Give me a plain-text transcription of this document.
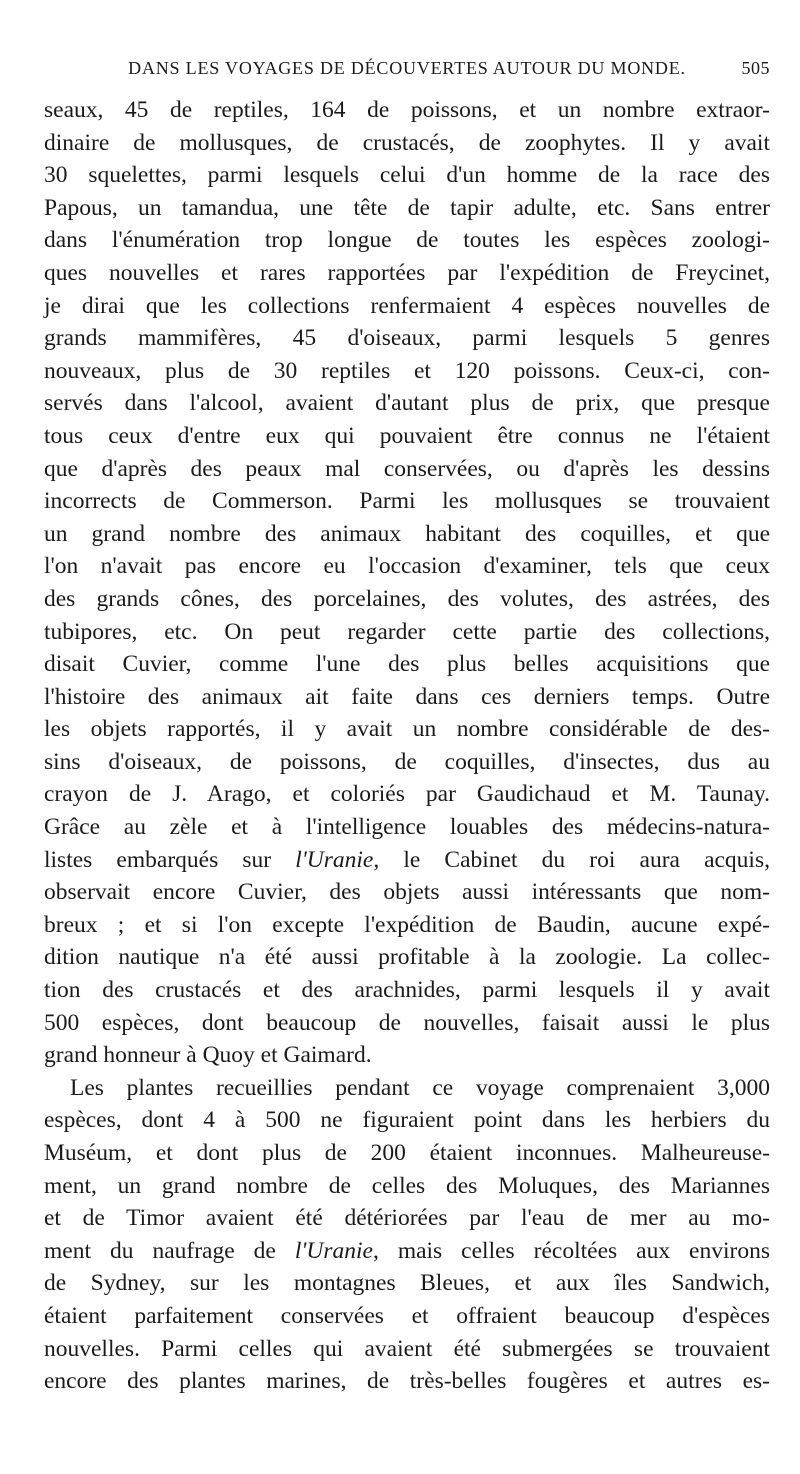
DANS LES VOYAGES DE DÉCOUVERTES AUTOUR DU MONDE.	505
seaux, 45 de reptiles, 164 de poissons, et un nombre extraor-
dinaire de mollusques, de crustacés, de zoophytes. Il y avait
30 squelettes, parmi lesquels celui d'un homme de la race des
Papous, un tamandua, une tête de tapir adulte, etc. Sans entrer
dans l'énumération trop longue de toutes les espèces zoologi-
ques nouvelles et rares rapportées par l'expédition de Freycinet,
je dirai que les collections renfermaient 4 espèces nouvelles de
grands mammifères, 45 d'oiseaux, parmi lesquels 5 genres
nouveaux, plus de 30 reptiles et 120 poissons. Ceux-ci, con-
servés dans l'alcool, avaient d'autant plus de prix, que presque
tous ceux d'entre eux qui pouvaient être connus ne l'étaient
que d'après des peaux mal conservées, ou d'après les dessins
incorrects de Commerson. Parmi les mollusques se trouvaient
un grand nombre des animaux habitant des coquilles, et que
l'on n'avait pas encore eu l'occasion d'examiner, tels que ceux
des grands cônes, des porcelaines, des volutes, des astrées, des
tubipores, etc. On peut regarder cette partie des collections,
disait Cuvier, comme l'une des plus belles acquisitions que
l'histoire des animaux ait faite dans ces derniers temps. Outre
les objets rapportés, il y avait un nombre considérable de des-
sins d'oiseaux, de poissons, de coquilles, d'insectes, dus au
crayon de J. Arago, et coloriés par Gaudichaud et M. Taunay.
Grâce au zèle et à l'intelligence louables des médecins-natura-
listes embarqués sur l'Uranie, le Cabinet du roi aura acquis,
observait encore Cuvier, des objets aussi intéressants que nom-
breux ; et si l'on excepte l'expédition de Baudin, aucune expé-
dition nautique n'a été aussi profitable à la zoologie. La collec-
tion des crustacés et des arachnides, parmi lesquels il y avait
500 espèces, dont beaucoup de nouvelles, faisait aussi le plus
grand honneur à Quoy et Gaimard.
Les plantes recueillies pendant ce voyage comprenaient 3,000
espèces, dont 4 à 500 ne figuraient point dans les herbiers du
Muséum, et dont plus de 200 étaient inconnues. Malheureuse-
ment, un grand nombre de celles des Moluques, des Mariannes
et de Timor avaient été détériorées par l'eau de mer au mo-
ment du naufrage de l'Uranie, mais celles récoltées aux environs
de Sydney, sur les montagnes Bleues, et aux îles Sandwich,
étaient parfaitement conservées et offraient beaucoup d'espèces
nouvelles. Parmi celles qui avaient été submergées se trouvaient
encore des plantes marines, de très-belles fougères et autres es-
